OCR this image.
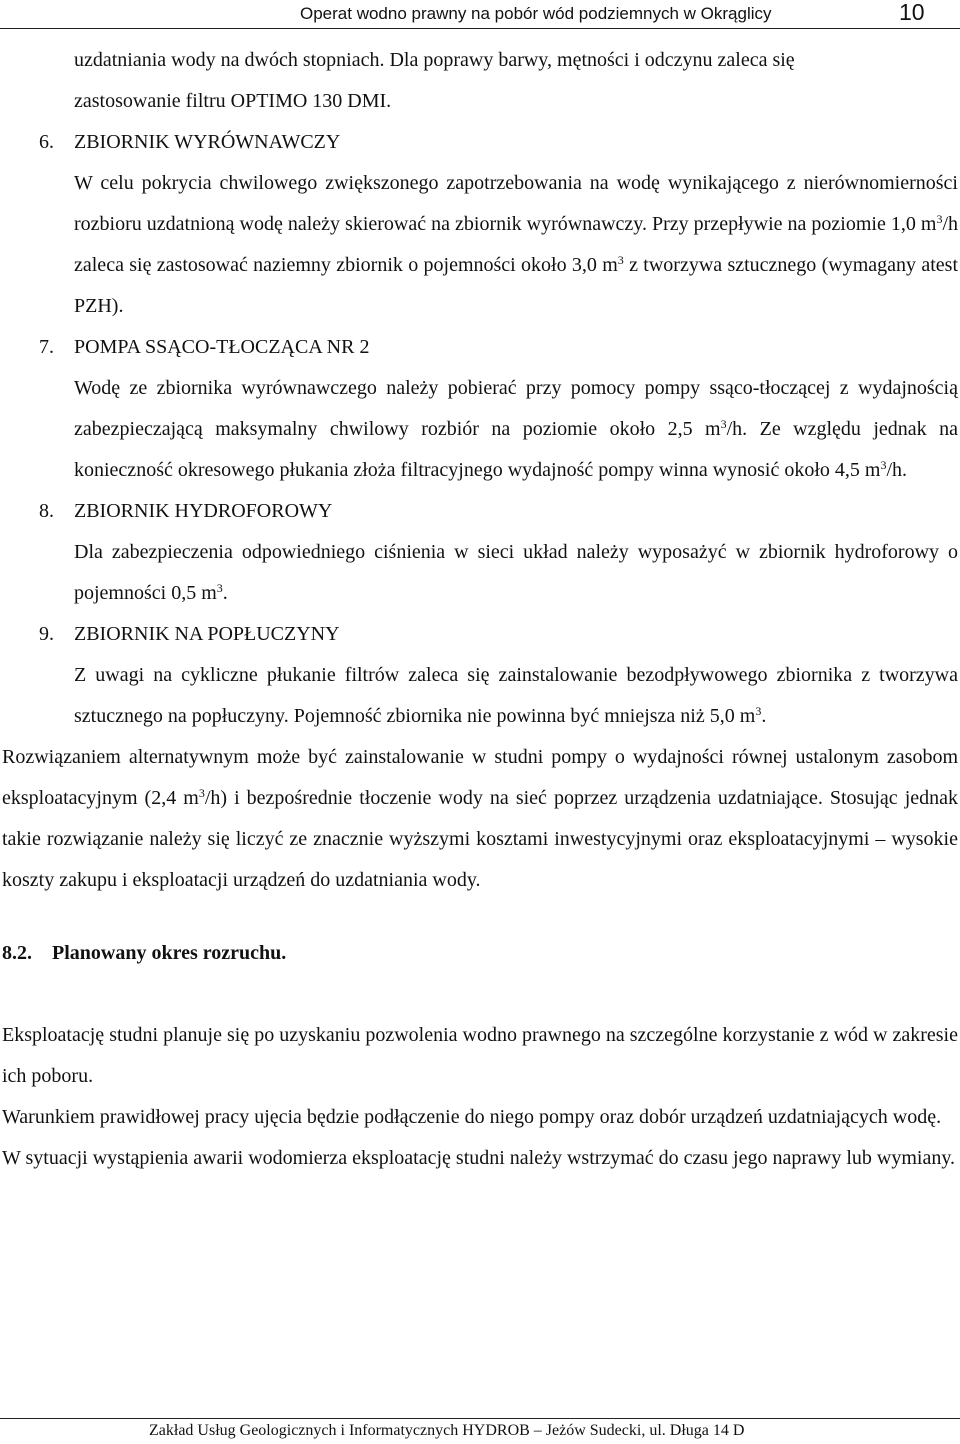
Operat wodno prawny na pobór wód podziemnych w Okrąglicy	10

uzdatniania wody na dwóch stopniach. Dla poprawy barwy, mętności i odczynu zaleca się
zastosowanie filtru OPTIMO 130 DMI.

6. ZBIORNIK WYRÓWNAWCZY

W celu pokrycia chwilowego zwiększonego zapotrzebowania na wodę wynikającego z nierównomierności rozbioru uzdatnioną wodę należy skierować na zbiornik wyrównawczy. Przy przepływie na poziomie 1,0 $m^3/h$ zaleca się zastosować naziemny zbiornik o pojemności około 3,0 $m^3$ z tworzywa sztucznego (wymagany atest PZH).

7. POMPA SSĄCO-TŁOCZĄCA NR 2

Wodę ze zbiornika wyrównawczego należy pobierać przy pomocy pompy ssąco-tłoczącej z wydajnością zabezpieczającą maksymalny chwilowy rozbiór na poziomie około 2,5 $m^3/h$. Ze względu jednak na konieczność okresowego płukania złoża filtracyjnego wydajność pompy winna wynosić około 4,5 $m^3/h$.

8. ZBIORNIK HYDROFOROWY

Dla zabezpieczenia odpowiedniego ciśnienia w sieci układ należy wyposażyć w zbiornik hydroforowy o pojemności 0,5 $m^3$.

9. ZBIORNIK NA POPŁUCZYNY

Z uwagi na cykliczne płukanie filtrów zaleca się zainstalowanie bezodpływowego zbiornika z tworzywa sztucznego na popłuczyny. Pojemność zbiornika nie powinna być mniejsza niż 5,0 $m^3$.

Rozwiązaniem alternatywnym może być zainstalowanie w studni pompy o wydajności równej ustalonym zasobom eksploatacyjnym (2,4 $m^3/h$) i bezpośrednie tłoczenie wody na sieć poprzez urządzenia uzdatniające. Stosując jednak takie rozwiązanie należy się liczyć ze znacznie wyższymi kosztami inwestycyjnymi oraz eksploatacyjnymi – wysokie koszty zakupu i eksploatacji urządzeń do uzdatniania wody.

8.2. Planowany okres rozruchu.

Eksploatację studni planuje się po uzyskaniu pozwolenia wodno prawnego na szczególne korzystanie z wód w zakresie ich poboru.

Warunkiem prawidłowej pracy ujęcia będzie podłączenie do niego pompy oraz dobór urządzeń uzdatniających wodę.

W sytuacji wystąpienia awarii wodomierza eksploatację studni należy wstrzymać do czasu jego naprawy lub wymiany.

Zakład Usług Geologicznych i Informatycznych HYDROB – Jeżów Sudecki, ul. Długa 14 D
